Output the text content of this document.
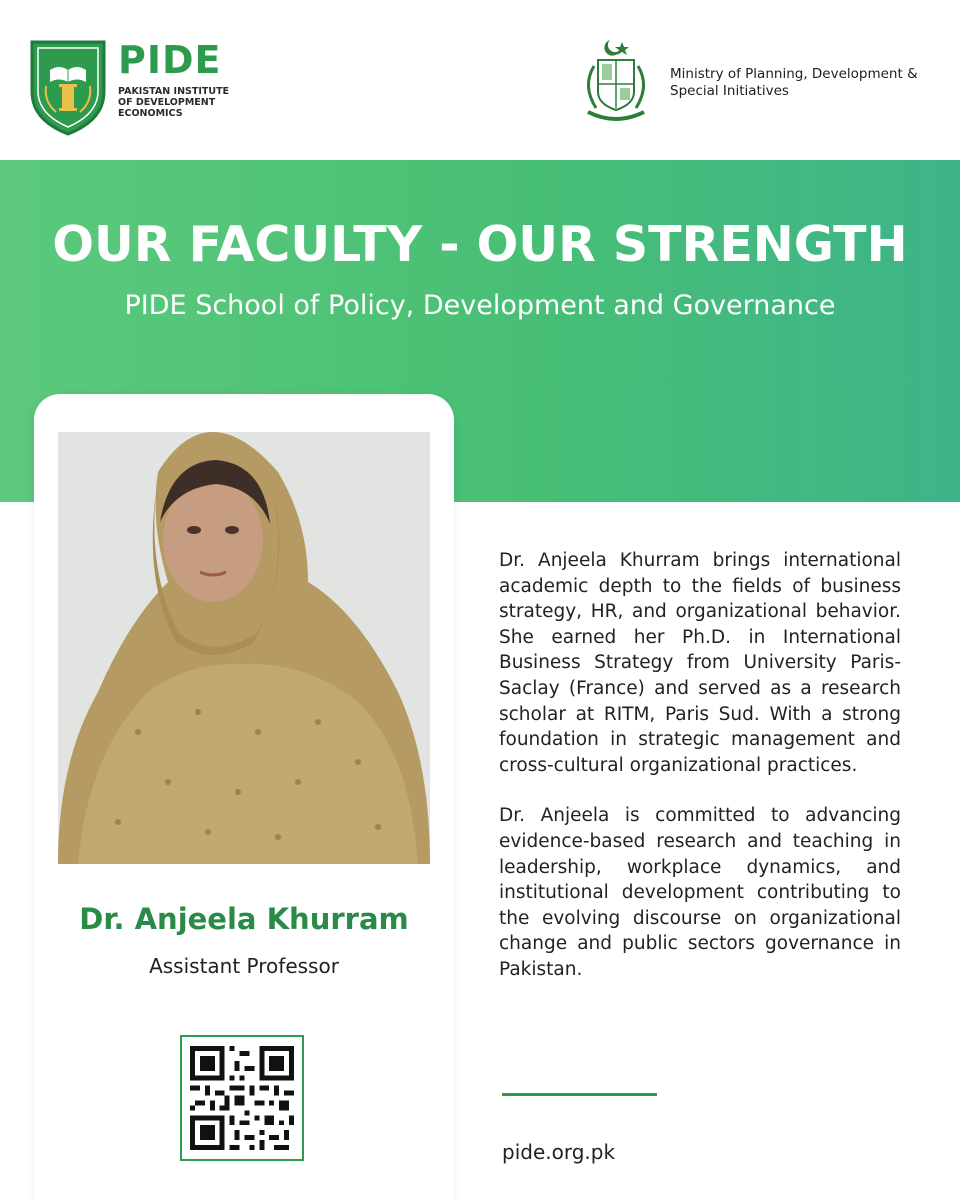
PIDE
PAKISTAN INSTITUTE OF DEVELOPMENT ECONOMICS
Ministry of Planning, Development & Special Initiatives
OUR FACULTY - OUR STRENGTH
PIDE School of Policy, Development and Governance
Dr. Anjeela Khurram
Assistant Professor

Dr. Anjeela Khurram brings international academic depth to the fields of business strategy, HR, and organizational behavior. She earned her Ph.D. in International Business Strategy from University Paris-Saclay (France) and served as a research scholar at RITM, Paris Sud. With a strong foundation in strategic management and cross-cultural organizational practices.

Dr. Anjeela is committed to advancing evidence-based research and teaching in leadership, workplace dynamics, and institutional development contributing to the evolving discourse on organizational change and public sectors governance in Pakistan.

pide.org.pk
